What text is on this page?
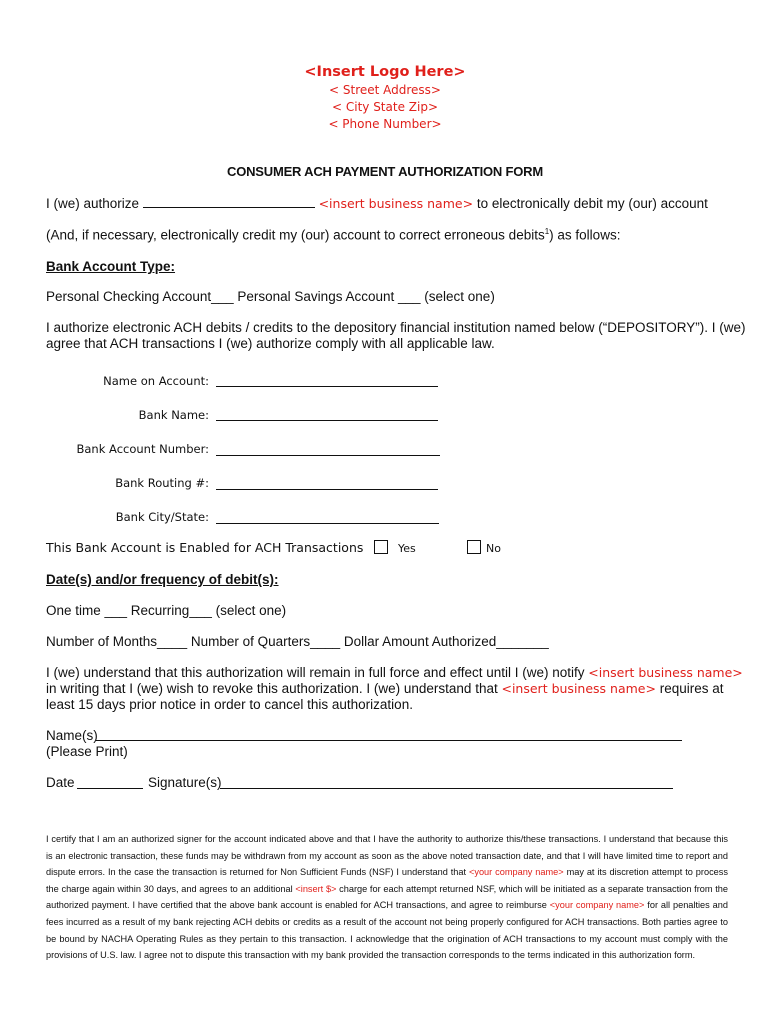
<Insert Logo Here>
< Street Address>
< City State Zip>
< Phone Number>
CONSUMER ACH PAYMENT AUTHORIZATION FORM
I (we) authorize	<insert business name> to electronically debit my (our) account
(And, if necessary, electronically credit my (our) account to correct erroneous debits$^1$) as follows:
Bank Account Type:
Personal Checking Account___ Personal Savings Account ___ (select one)
I authorize electronic ACH debits / credits to the depository financial institution named below (“DEPOSITORY”). I (we)
agree that ACH transactions I (we) authorize comply with all applicable law.
Name on Account:
Bank Name:
Bank Account Number:
Bank Routing #:
Bank City/State:
This Bank Account is Enabled for ACH Transactions	Yes	No
Date(s) and/or frequency of debit(s):
One time ___ Recurring___ (select one)
Number of Months____ Number of Quarters____ Dollar Amount Authorized_______
I (we) understand that this authorization will remain in full force and effect until I (we) notify <insert business name>
in writing that I (we) wish to revoke this authorization. I (we) understand that <insert business name> requires at
least 15 days prior notice in order to cancel this authorization.
Name(s)
(Please Print)
Date	Signature(s)
I certify that I am an authorized signer for the account indicated above and that I have the authority to authorize this/these transactions. I understand that because this is an electronic transaction, these funds may be withdrawn from my account as soon as the above noted transaction date, and that I will have limited time to report and dispute errors. In the case the transaction is returned for Non Sufficient Funds (NSF) I understand that <your company name> may at its discretion attempt to process the charge again within 30 days, and agrees to an additional <insert $> charge for each attempt returned NSF, which will be initiated as a separate transaction from the authorized payment. I have certified that the above bank account is enabled for ACH transactions, and agree to reimburse <your company name> for all penalties and fees incurred as a result of my bank rejecting ACH debits or credits as a result of the account not being properly configured for ACH transactions. Both parties agree to be bound by NACHA Operating Rules as they pertain to this transaction. I acknowledge that the origination of ACH transactions to my account must comply with the provisions of U.S. law. I agree not to dispute this transaction with my bank provided the transaction corresponds to the terms indicated in this authorization form.
